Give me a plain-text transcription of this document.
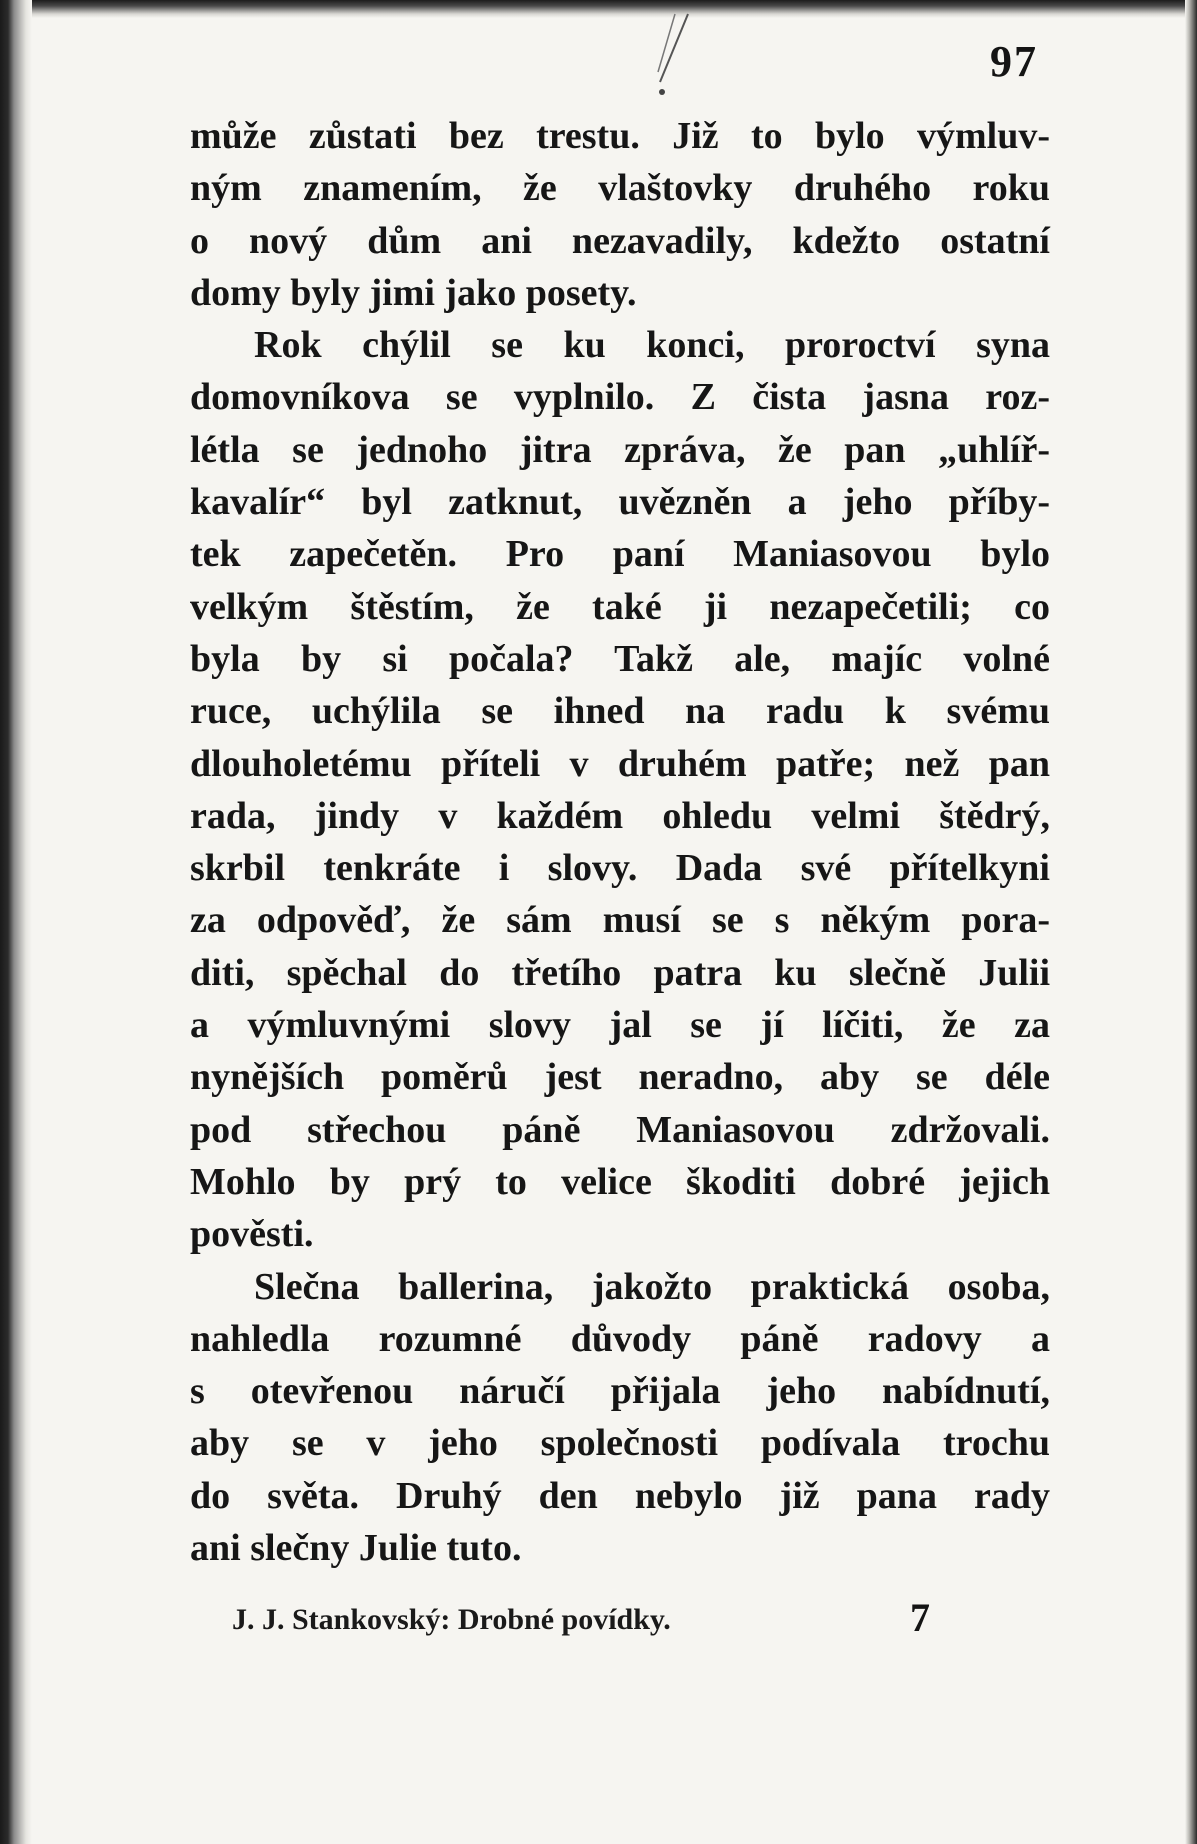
97
může zůstati bez trestu. Již to bylo výmluv-
ným znamením, že vlaštovky druhého roku
o nový dům ani nezavadily, kdežto ostatní
domy byly jimi jako posety.
Rok chýlil se ku konci, proroctví syna
domovníkova se vyplnilo. Z čista jasna roz-
létla se jednoho jitra zpráva, že pan „uhlíř-
kavalír“ byl zatknut, uvězněn a jeho příby-
tek zapečetěn. Pro paní Maniasovou bylo
velkým štěstím, že také ji nezapečetili; co
byla by si počala? Takž ale, majíc volné
ruce, uchýlila se ihned na radu k svému
dlouholetému příteli v druhém patře; než pan
rada, jindy v každém ohledu velmi štědrý,
skrbil tenkráte i slovy. Dada své přítelkyni
za odpověď, že sám musí se s někým pora-
diti, spěchal do třetího patra ku slečně Julii
a výmluvnými slovy jal se jí líčiti, že za
nynějších poměrů jest neradno, aby se déle
pod střechou páně Maniasovou zdržovali.
Mohlo by prý to velice škoditi dobré jejich
pověsti.
Slečna ballerina, jakožto praktická osoba,
nahledla rozumné důvody páně radovy a
s otevřenou náručí přijala jeho nabídnutí,
aby se v jeho společnosti podívala trochu
do světa. Druhý den nebylo již pana rady
ani slečny Julie tuto.
J. J. Stankovský: Drobné povídky.	7
